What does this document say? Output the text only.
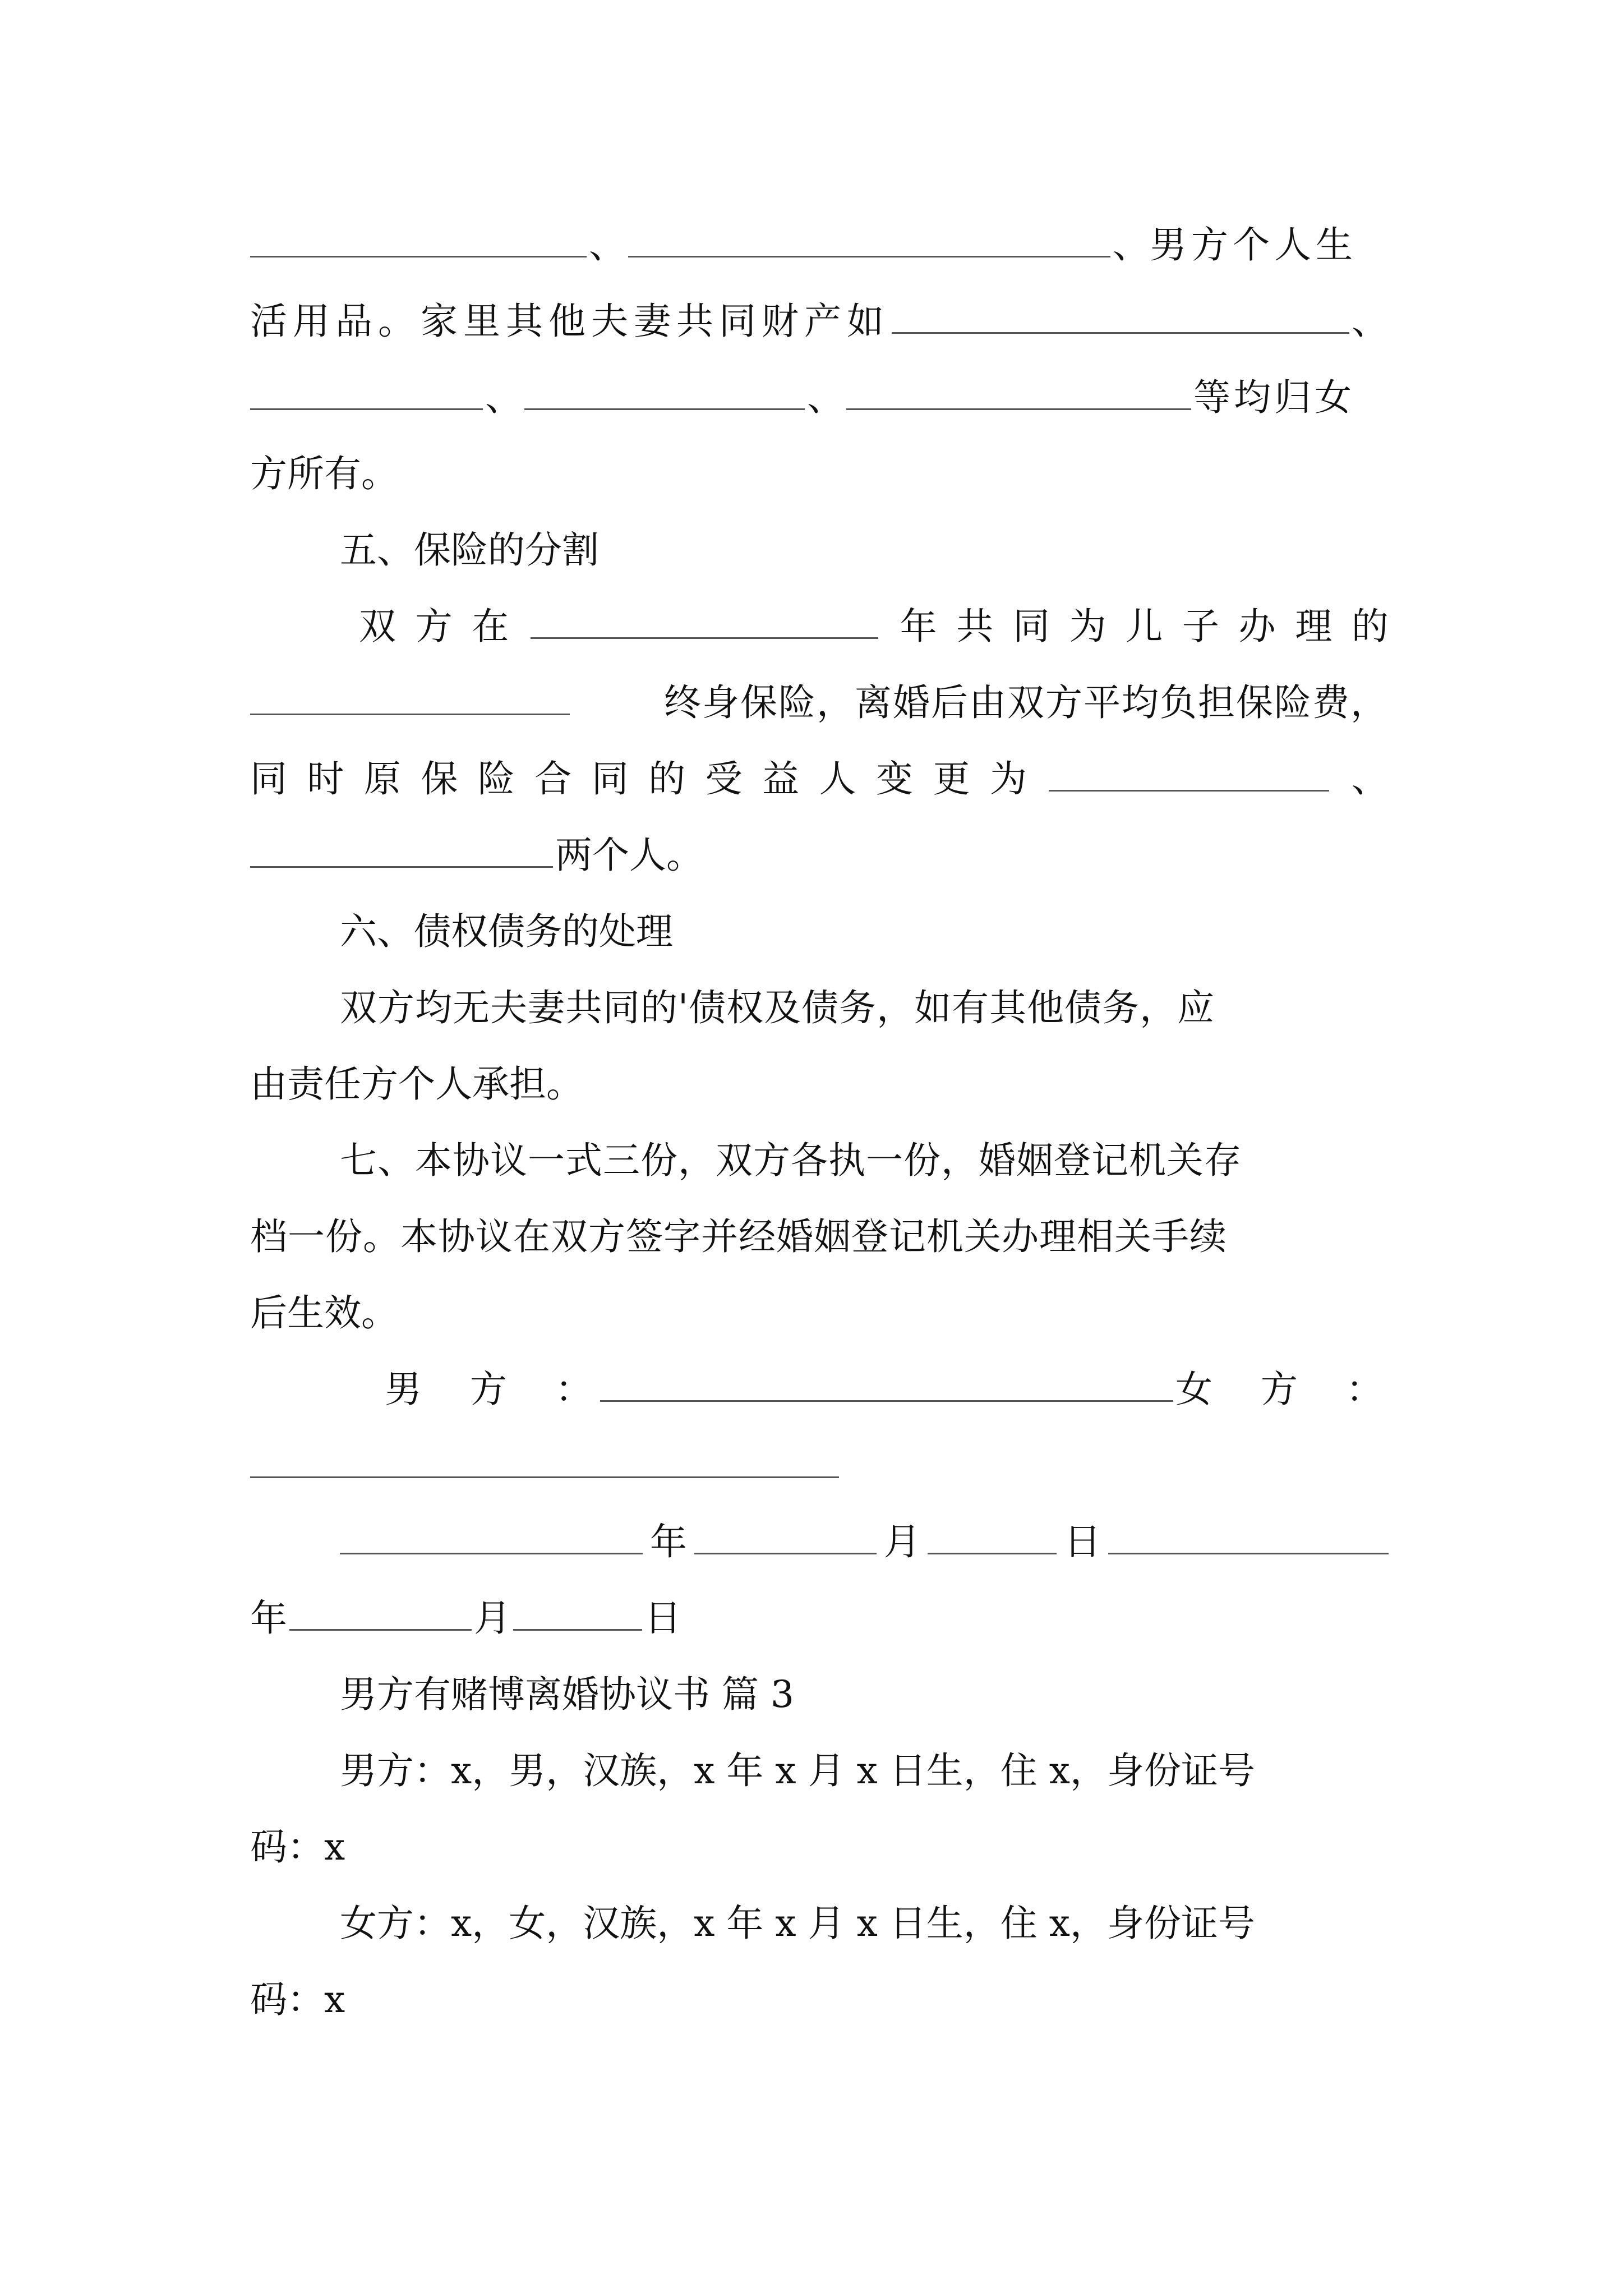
、	、男方个人生
活用品。家里其他夫妻共同财产如	、
、	、	等均归女
方所有。
五、保险的分割
双 方 在	年 共 同 为 儿 子 办 理 的
终身保险，离婚后由双方平均负担保险费，
同 时 原 保 险 合 同 的 受 益 人 变 更 为	、
两个人。
六、债权债务的处理
双方均无夫妻共同的'债权及债务，如有其他债务，应
由责任方个人承担。
七、本协议一式三份，双方各执一份，婚姻登记机关存
档一份。本协议在双方签字并经婚姻登记机关办理相关手续
后生效。
男　方　：	女　方　：
年	月	日
年	月	日
男方有赌博离婚协议书 篇 3
男方：x，男，汉族，x 年 x 月 x 日生，住 x，身份证号
码：x
女方：x，女，汉族，x 年 x 月 x 日生，住 x，身份证号
码：x
